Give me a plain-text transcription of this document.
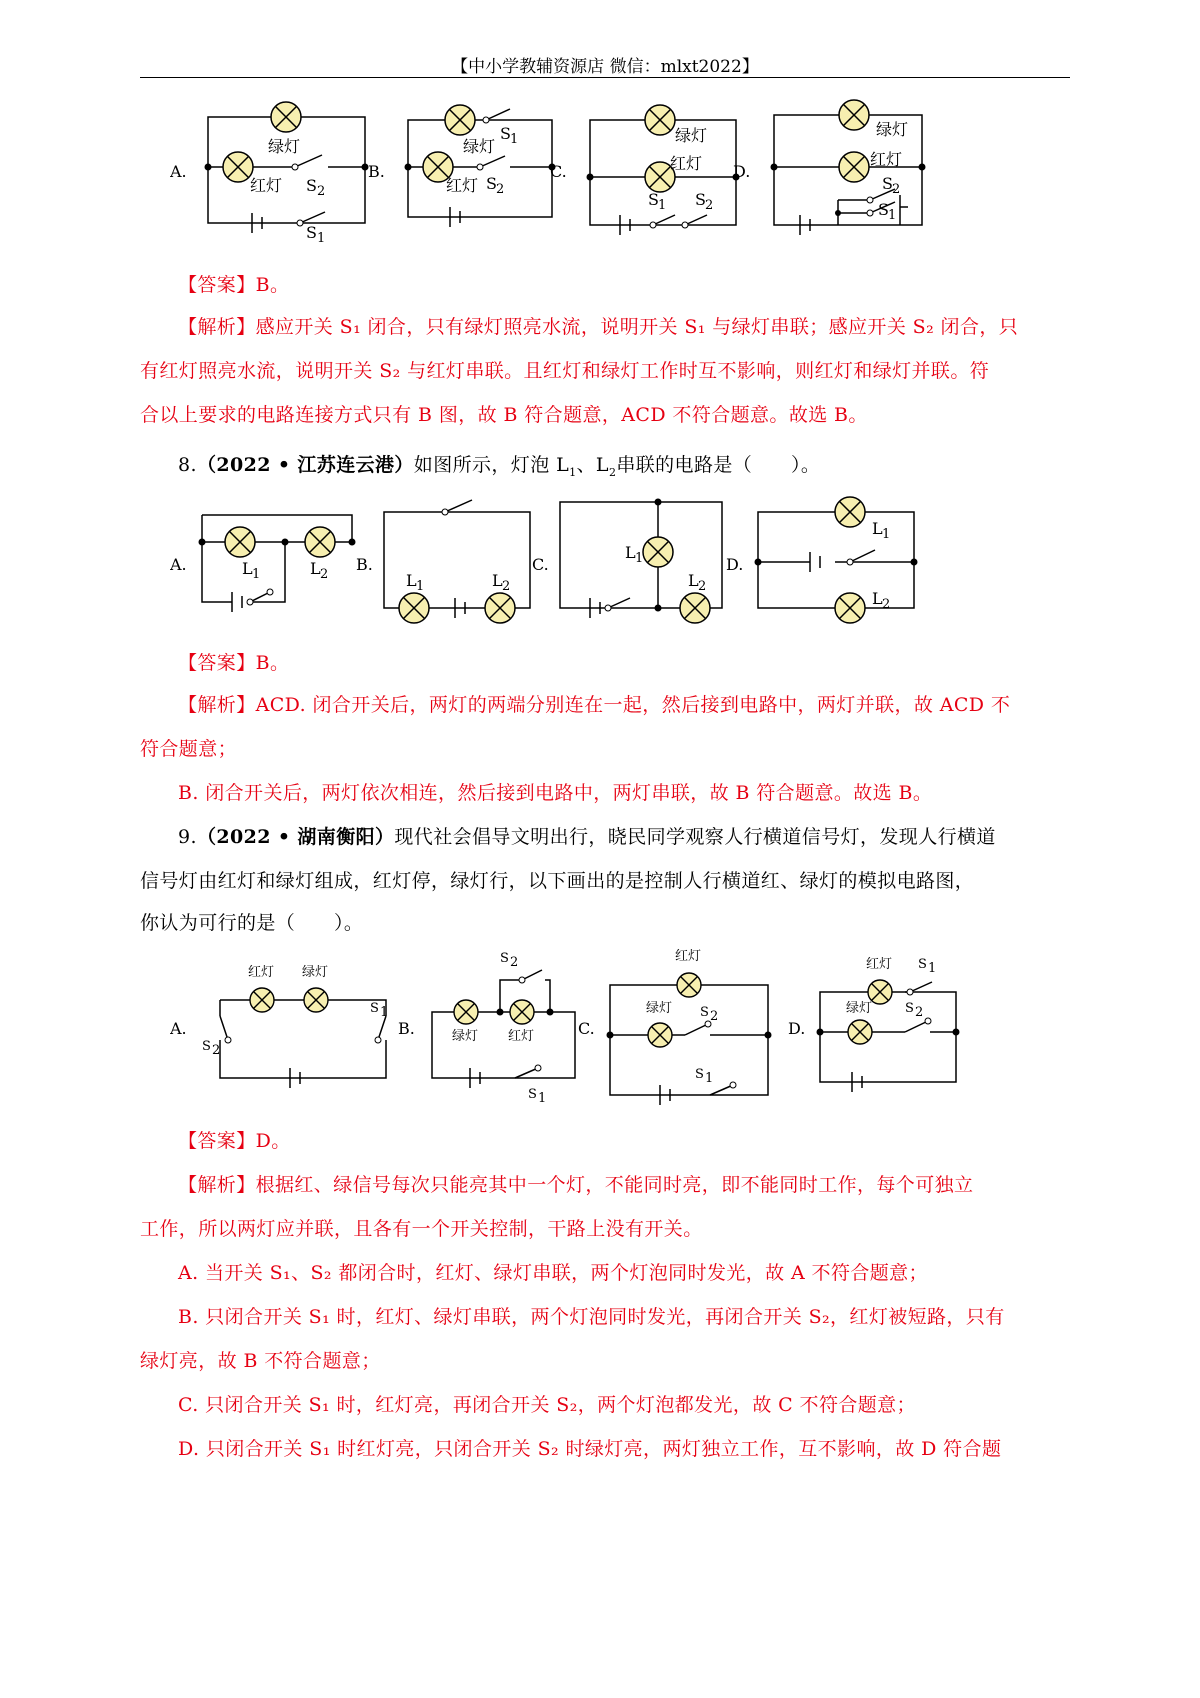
【中小学教辅资源店 微信：mlxt2022】
A.	B.	C.	D.
绿灯
红灯 S 2
S 1
绿灯
红灯
S 1
S 2
绿灯
红灯
S 1 S 2
绿灯
红灯
S 2
S 1
【答案】B。
【解析】感应开关 S₁ 闭合，只有绿灯照亮水流，说明开关 S₁ 与绿灯串联；感应开关 S₂ 闭合，只
有红灯照亮水流，说明开关 S₂ 与红灯串联。且红灯和绿灯工作时互不影响，则红灯和绿灯并联。符
合以上要求的电路连接方式只有 B 图，故 B 符合题意，ACD 不符合题意。故选 B。
8.（2022 • 江苏连云港）如图所示，灯泡 $L_1$、$L_2$串联的电路是（　　）。
A.	B.	C.	D.
L 1	L 2	L 1	L 2
L 1
L 2
L 1
L 2
【答案】B。
【解析】ACD. 闭合开关后，两灯的两端分别连在一起，然后接到电路中，两灯并联，故 ACD 不
符合题意；
B. 闭合开关后，两灯依次相连，然后接到电路中，两灯串联，故 B 符合题意。故选 B。
9.（2022 • 湖南衡阳）现代社会倡导文明出行，晓民同学观察人行横道信号灯，发现人行横道
信号灯由红灯和绿灯组成，红灯停，绿灯行，以下画出的是控制人行横道红、绿灯的模拟电路图，
你认为可行的是（　　）。
A.	B.	C.	D.
红灯 绿灯
绿灯 红灯
红灯
绿灯
红灯
绿灯
S 2
S 1
S 2
S 1
S 2
S 1
S 1
S 2
【答案】D。
【解析】根据红、绿信号每次只能亮其中一个灯，不能同时亮，即不能同时工作，每个可独立
工作，所以两灯应并联，且各有一个开关控制，干路上没有开关。
A. 当开关 S₁、S₂ 都闭合时，红灯、绿灯串联，两个灯泡同时发光，故 A 不符合题意；
B. 只闭合开关 S₁ 时，红灯、绿灯串联，两个灯泡同时发光，再闭合开关 S₂，红灯被短路，只有
绿灯亮，故 B 不符合题意；
C. 只闭合开关 S₁ 时，红灯亮，再闭合开关 S₂，两个灯泡都发光，故 C 不符合题意；
D. 只闭合开关 S₁ 时红灯亮，只闭合开关 S₂ 时绿灯亮，两灯独立工作，互不影响，故 D 符合题
